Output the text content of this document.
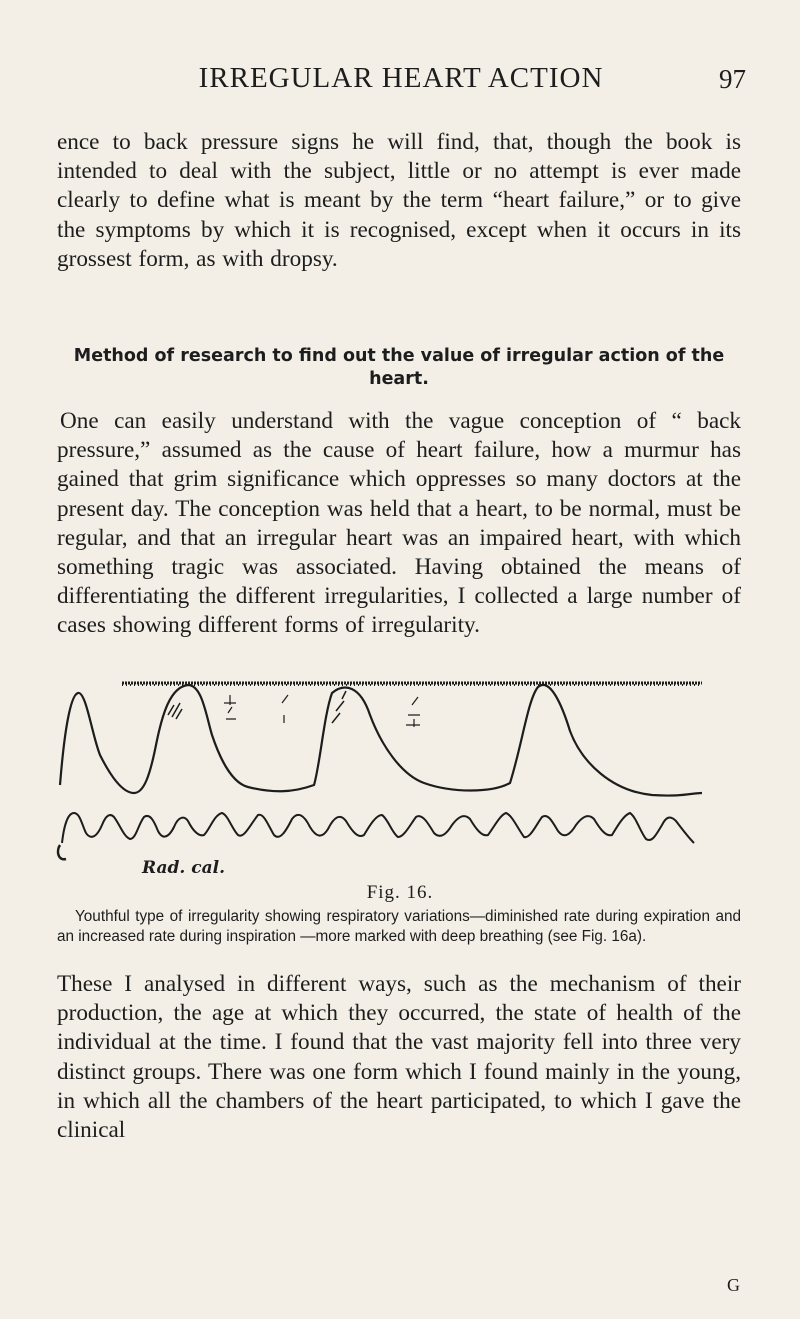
IRREGULAR HEART ACTION	97

ence to back pressure signs he will find, that, though the book is intended to deal with the subject, little or no attempt is ever made clearly to define what is meant by the term “heart failure,” or to give the symptoms by which it is recognised, except when it occurs in its grossest form, as with dropsy.

Method of research to find out the value of irregular action of the heart.

One can easily understand with the vague conception of “ back pressure,” assumed as the cause of heart failure, how a murmur has gained that grim significance which oppresses so many doctors at the present day. The conception was held that a heart, to be normal, must be regular, and that an irregular heart was an impaired heart, with which something tragic was associated. Having obtained the means of differentiating the different irregularities, I collected a large number of cases showing different forms of irregularity.

Rad. cal.
Fig. 16.

Youthful type of irregularity showing respiratory variations—diminished rate during expiration and an increased rate during inspiration —more marked with deep breathing (see Fig. 16a).

These I analysed in different ways, such as the mechanism of their production, the age at which they occurred, the state of health of the individual at the time. I found that the vast majority fell into three very distinct groups. There was one form which I found mainly in the young, in which all the chambers of the heart participated, to which I gave the clinical

G
